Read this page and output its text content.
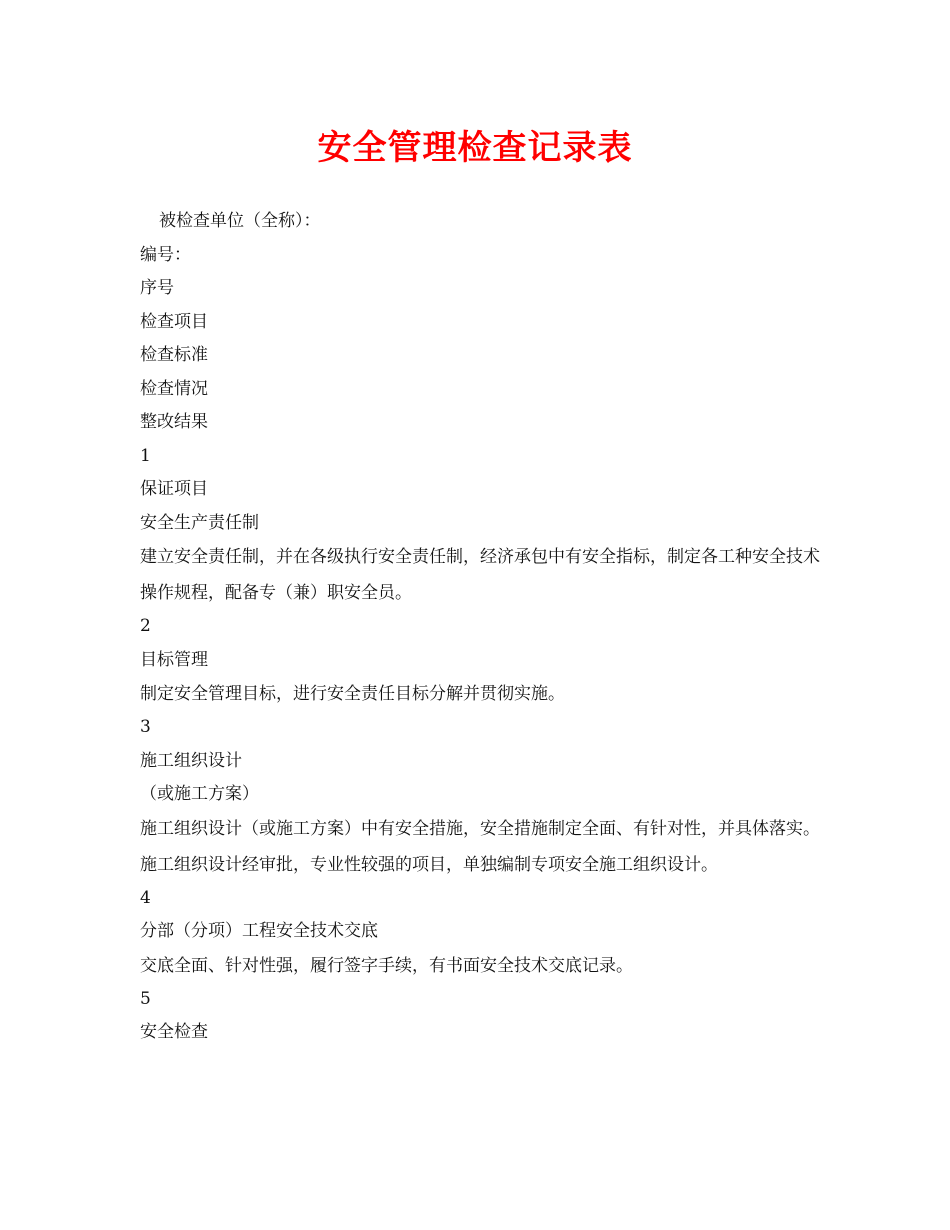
安全管理检查记录表
被检查单位（全称）：
编号：
序号
检查项目
检查标准
检查情况
整改结果
1
保证项目
安全生产责任制
建立安全责任制，并在各级执行安全责任制，经济承包中有安全指标，制定各工种安全技术操作规程，配备专（兼）职安全员。
2
目标管理
制定安全管理目标，进行安全责任目标分解并贯彻实施。
3
施工组织设计
（或施工方案）
施工组织设计（或施工方案）中有安全措施，安全措施制定全面、有针对性，并具体落实。施工组织设计经审批，专业性较强的项目，单独编制专项安全施工组织设计。
4
分部（分项）工程安全技术交底
交底全面、针对性强，履行签字手续，有书面安全技术交底记录。
5
安全检查
